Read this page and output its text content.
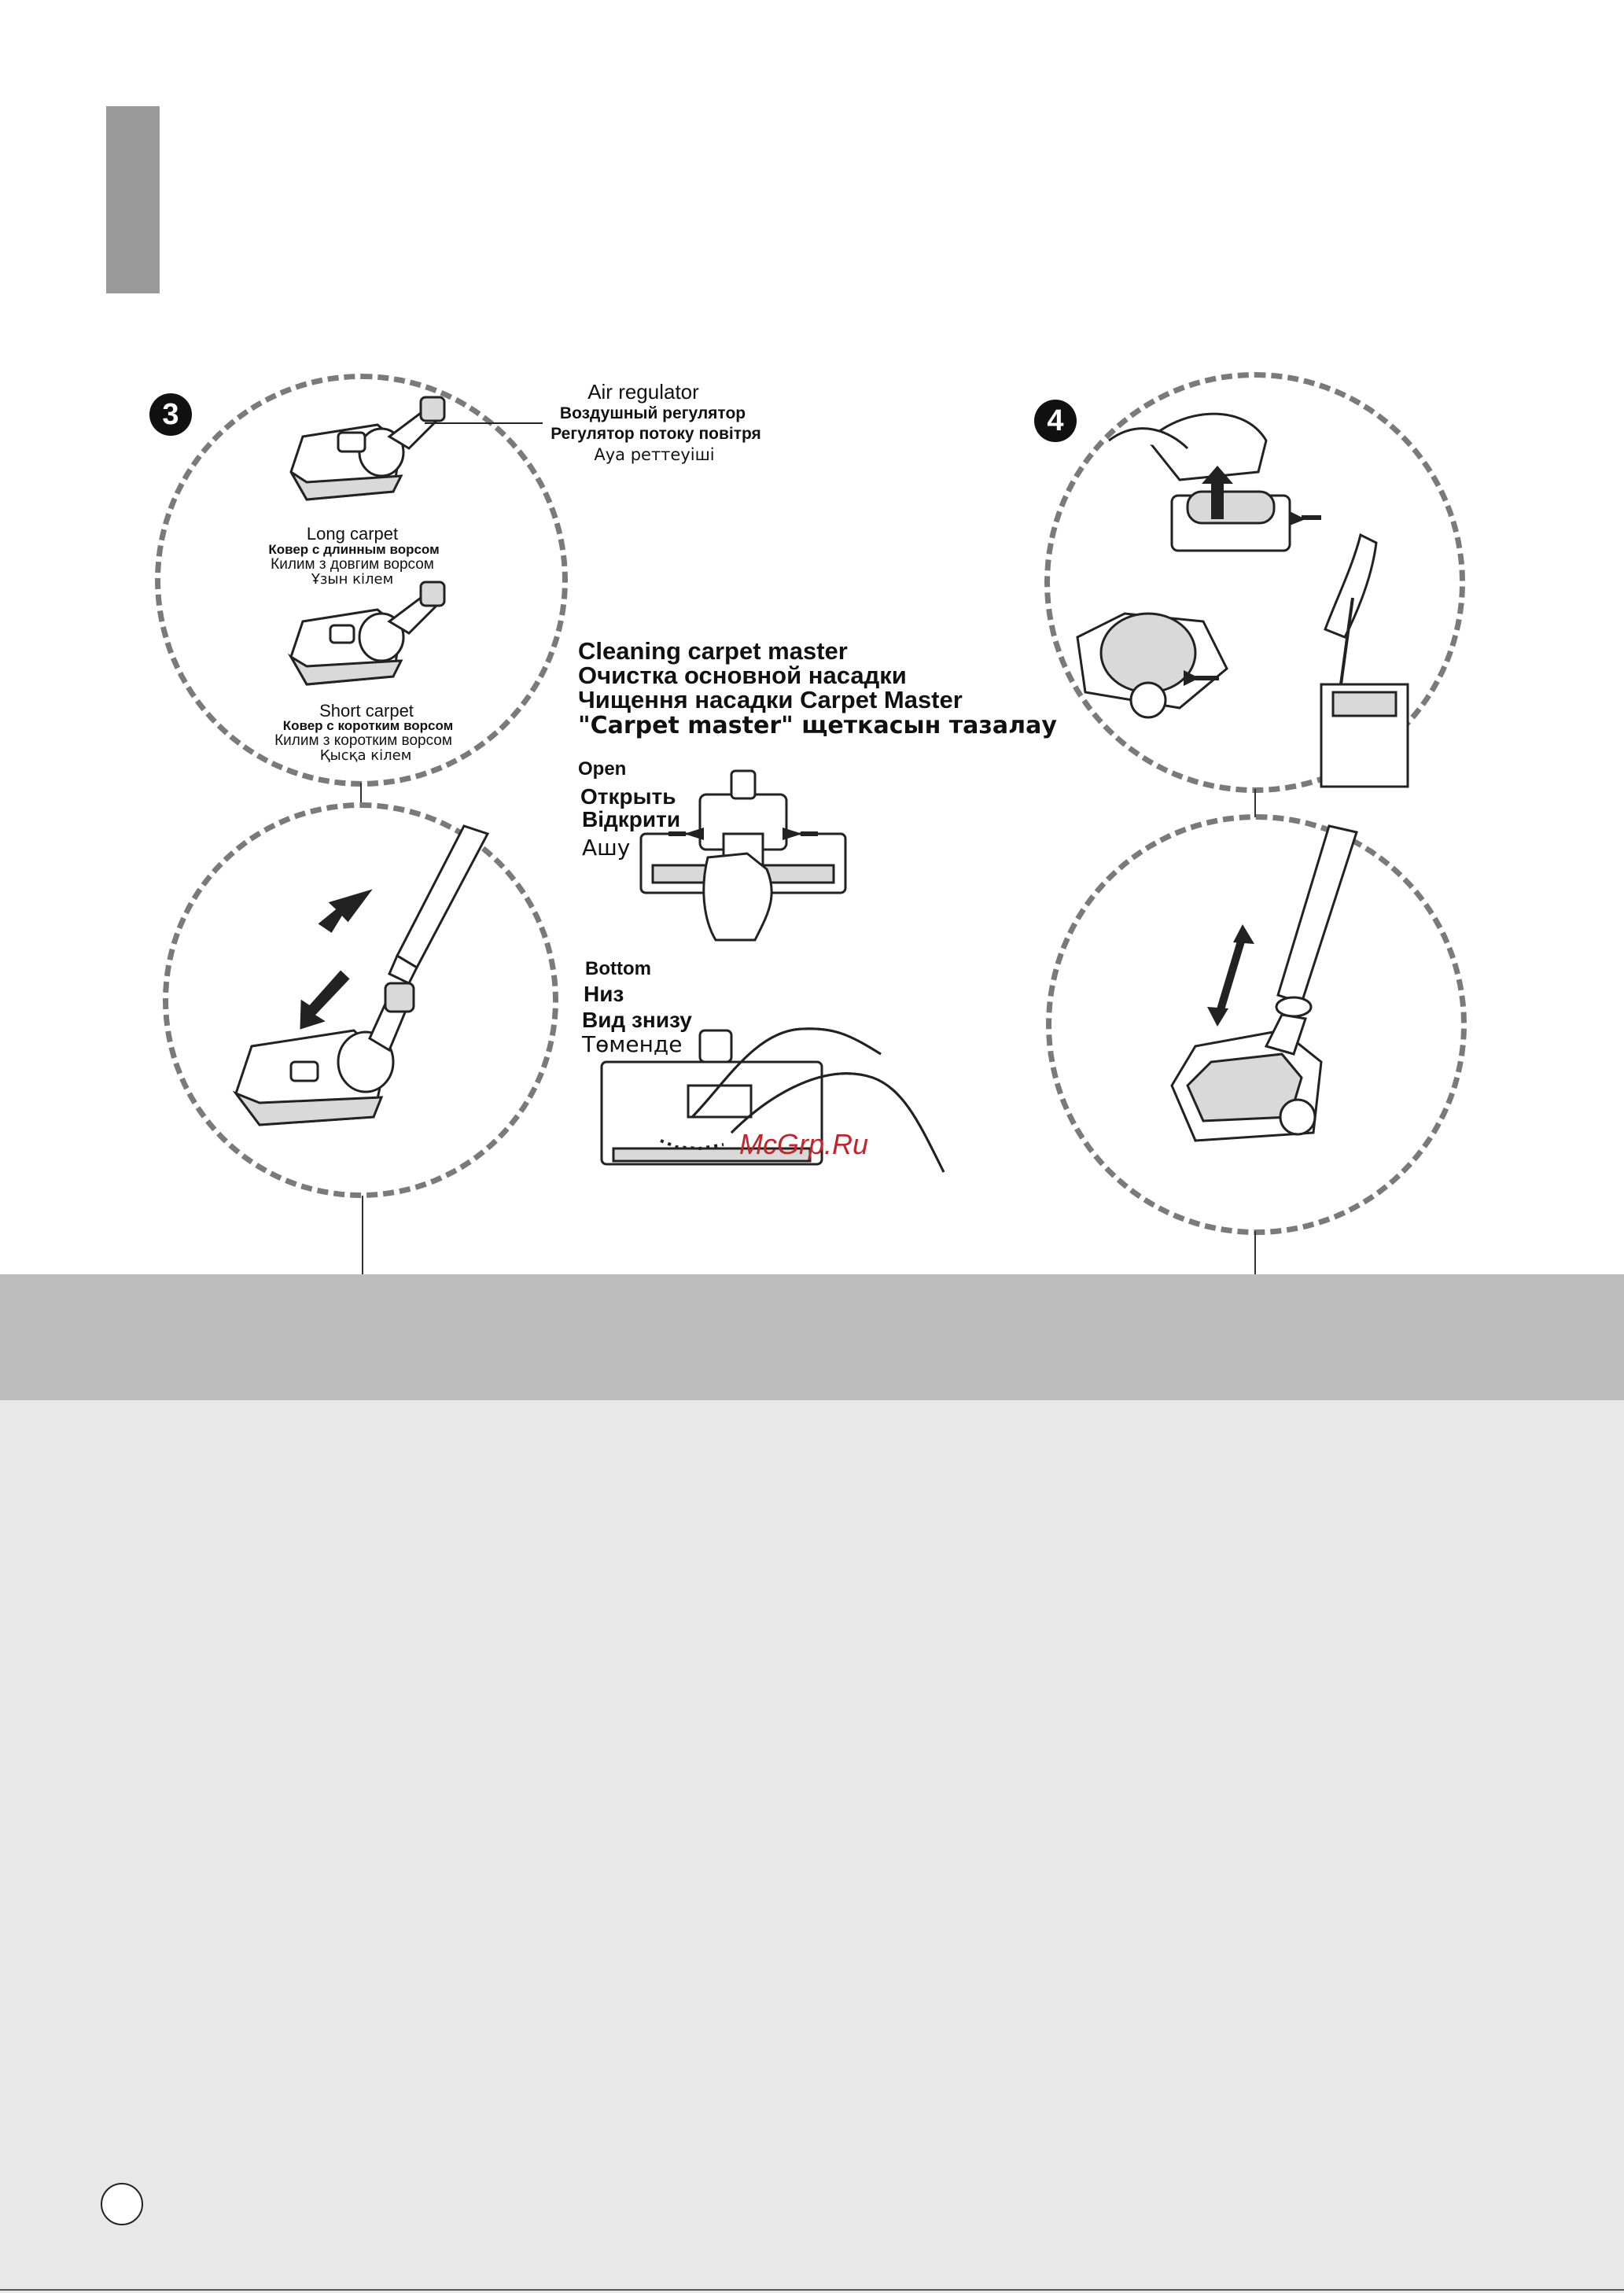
3
Long carpet
Ковер с длинным ворсом
Килим з довгим ворсом
Ұзын кілем
Short carpet
Ковер с коротким ворсом
Килим з коротким ворсом
Қысқа кілем
Air regulator
Воздушный регулятор
Регулятор потоку повітря
Ауа реттеуіші
Cleaning carpet master
Очистка основной насадки
Чищення насадки Carpet Master
"Carpet master" щеткасын тазалау
Open
Открыть
Відкрити
Ашу
Bottom
Низ
Вид знизу
Төменде
McGrp.Ru
4
